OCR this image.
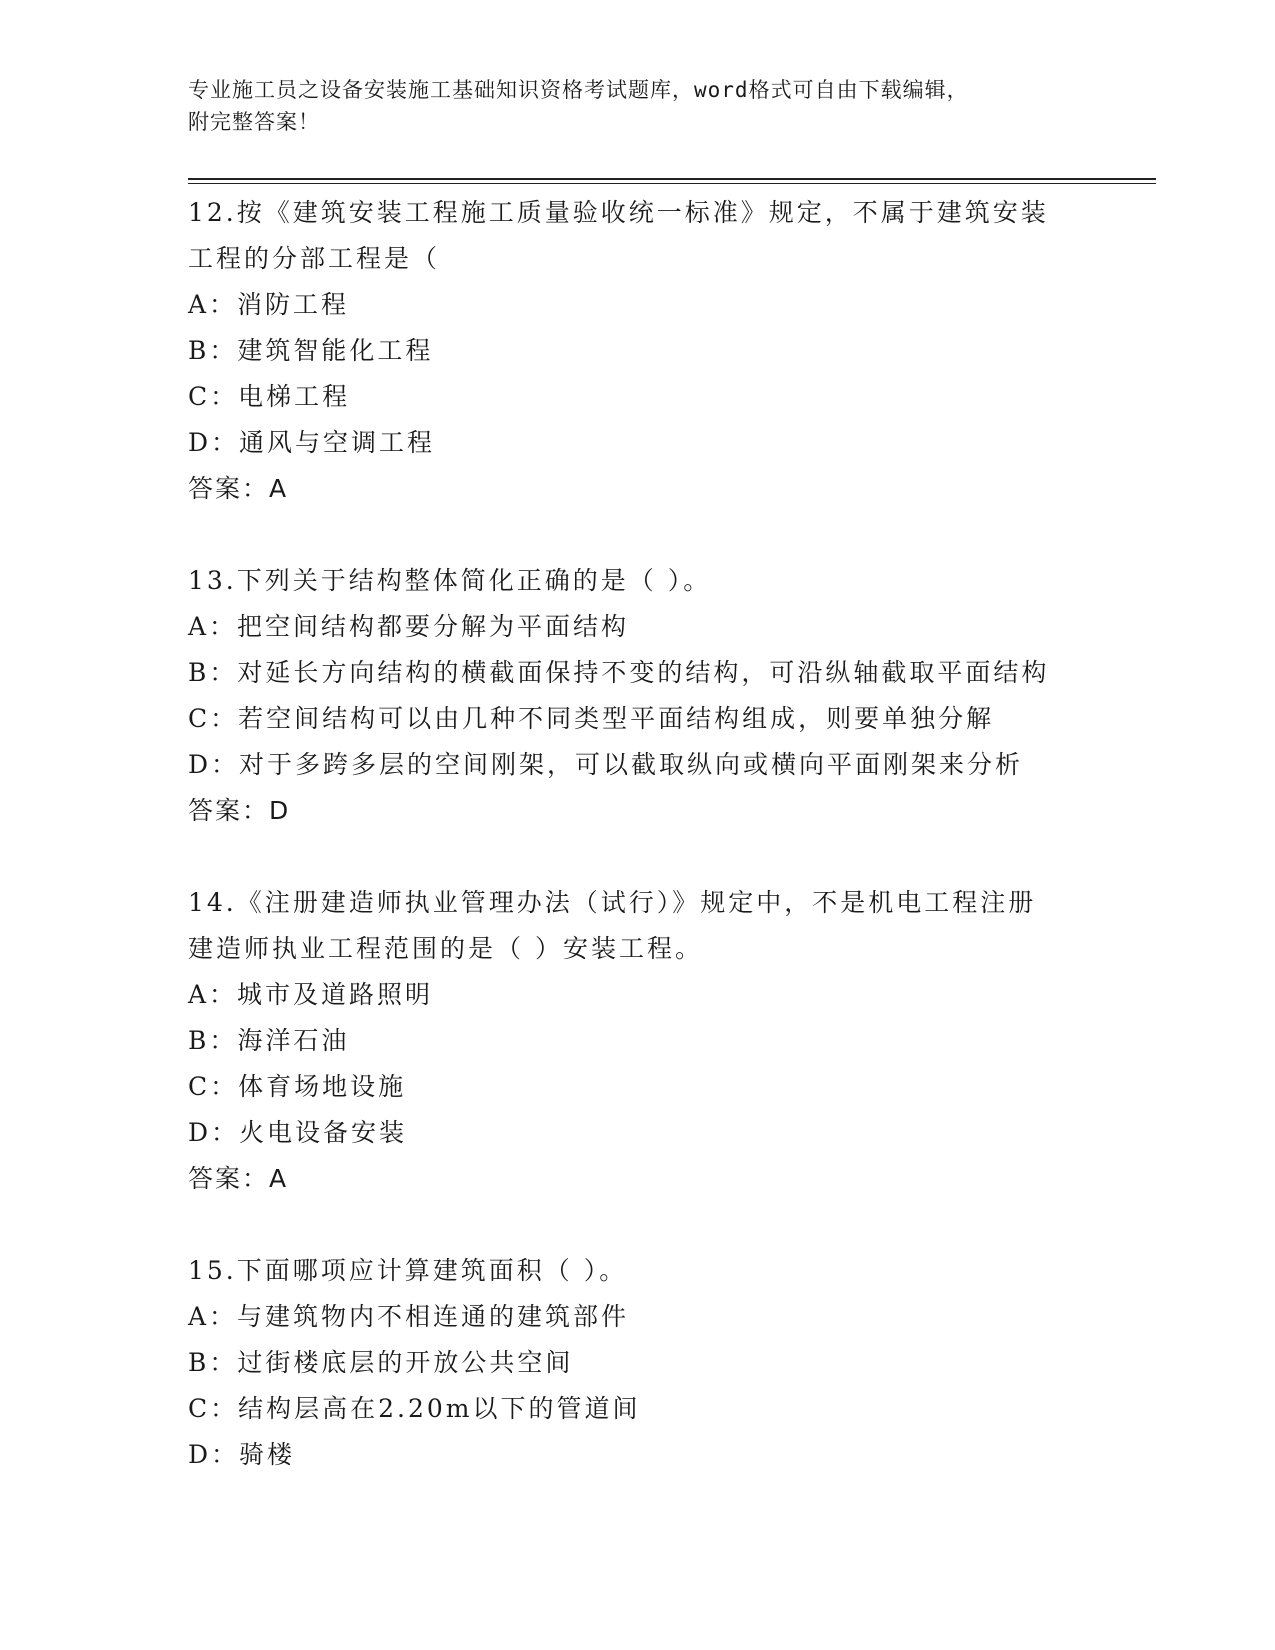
专业施工员之设备安装施工基础知识资格考试题库，word格式可自由下载编辑，
附完整答案！
12.按《建筑安装工程施工质量验收统一标准》规定，不属于建筑安装
工程的分部工程是（
A：消防工程
B：建筑智能化工程
C：电梯工程
D：通风与空调工程
答案：A
13.下列关于结构整体简化正确的是（ ）。
A：把空间结构都要分解为平面结构
B：对延长方向结构的横截面保持不变的结构，可沿纵轴截取平面结构
C：若空间结构可以由几种不同类型平面结构组成，则要单独分解
D：对于多跨多层的空间刚架，可以截取纵向或横向平面刚架来分析
答案：D
14.《注册建造师执业管理办法（试行）》规定中，不是机电工程注册
建造师执业工程范围的是（ ）安装工程。
A：城市及道路照明
B：海洋石油
C：体育场地设施
D：火电设备安装
答案：A
15.下面哪项应计算建筑面积（ ）。
A：与建筑物内不相连通的建筑部件
B：过街楼底层的开放公共空间
C：结构层高在2.20m以下的管道间
D：骑楼
